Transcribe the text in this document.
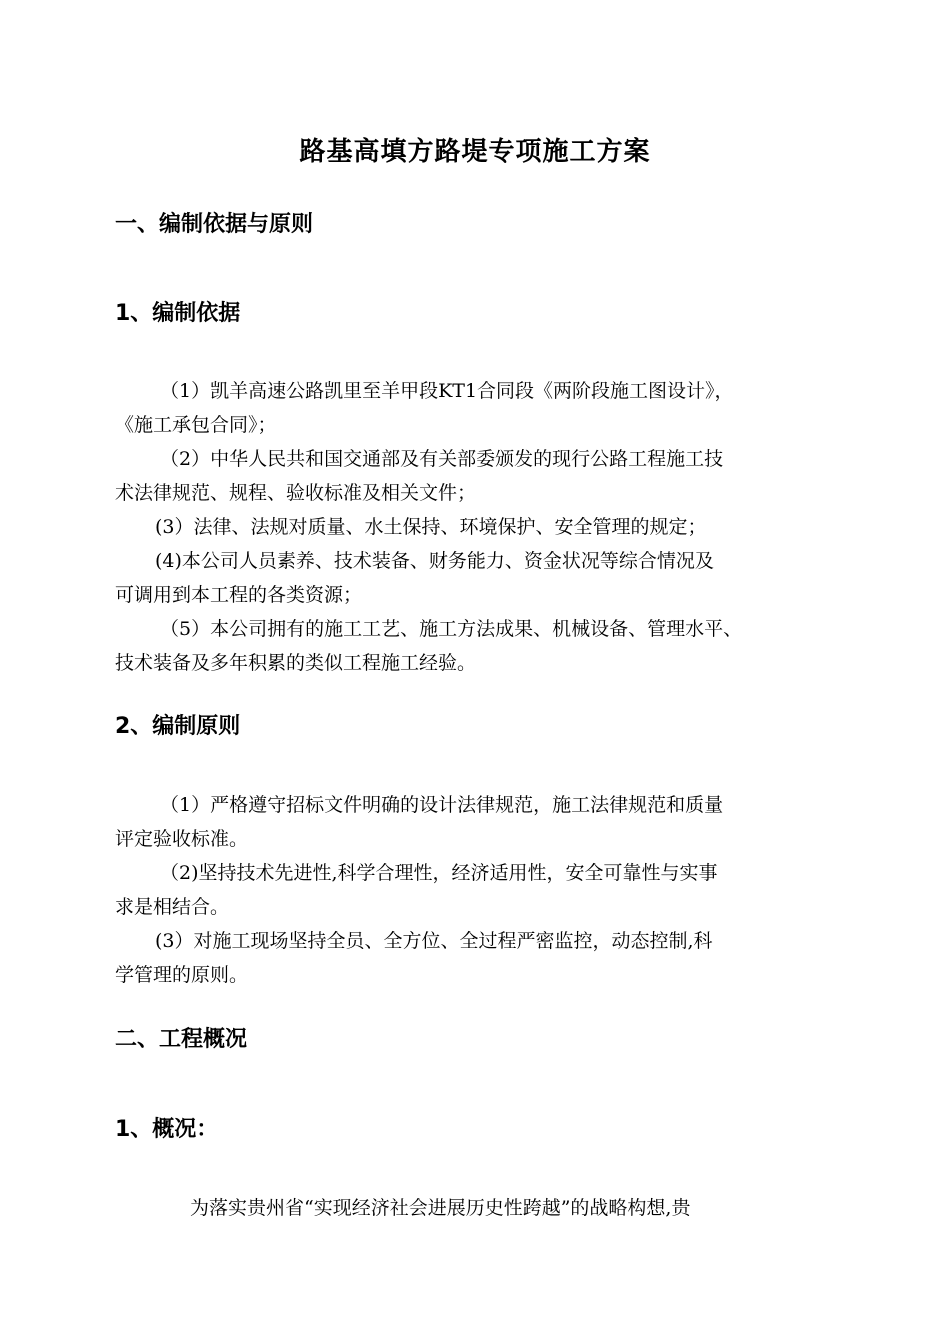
路基高填方路堤专项施工方案
一、编制依据与原则
1、编制依据
（1）凯羊高速公路凯里至羊甲段KT1合同段《两阶段施工图设计》，
《施工承包合同》；
（2）中华人民共和国交通部及有关部委颁发的现行公路工程施工技
术法律规范、规程、验收标准及相关文件；
(3）法律、法规对质量、水土保持、环境保护、安全管理的规定；
(4)本公司人员素养、技术装备、财务能力、资金状况等综合情况及
可调用到本工程的各类资源；
（5）本公司拥有的施工工艺、施工方法成果、机械设备、管理水平、
技术装备及多年积累的类似工程施工经验。
2、编制原则
（1）严格遵守招标文件明确的设计法律规范，施工法律规范和质量
评定验收标准。
（2)坚持技术先进性,科学合理性，经济适用性，安全可靠性与实事
求是相结合。
(3）对施工现场坚持全员、全方位、全过程严密监控，动态控制,科
学管理的原则。
二、工程概况
1、概况：
为落实贵州省“实现经济社会进展历史性跨越”的战略构想,贵
